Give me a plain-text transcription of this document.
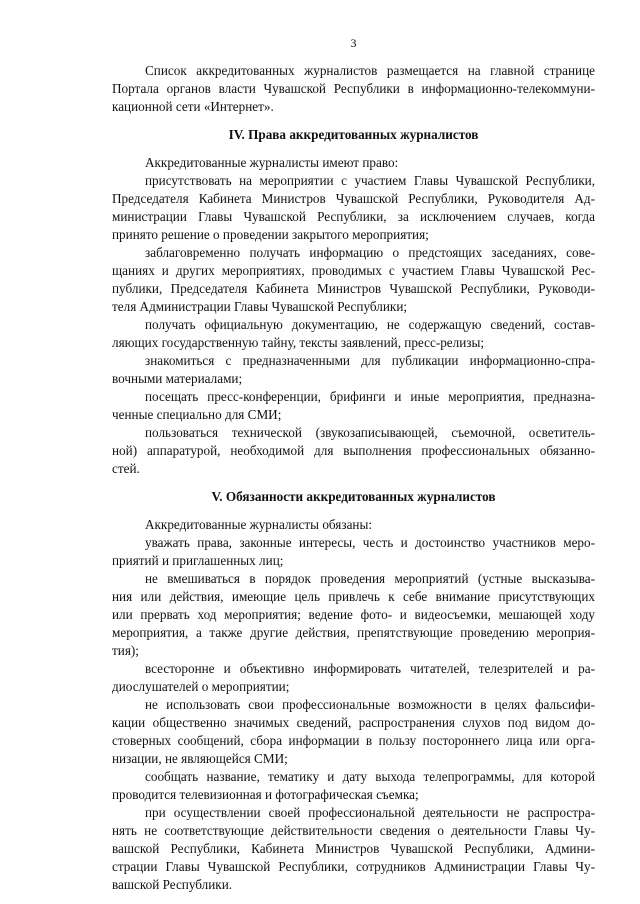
3
Список аккредитованных журналистов размещается на главной странице
Портала органов власти Чувашской Республики в информационно-телекоммуни-
кационной сети «Интернет».
IV. Права аккредитованных журналистов
Аккредитованные журналисты имеют право:
присутствовать на мероприятии с участием Главы Чувашской Республики,
Председателя Кабинета Министров Чувашской Республики, Руководителя Ад-
министрации Главы Чувашской Республики, за исключением случаев, когда
принято решение о проведении закрытого мероприятия;
заблаговременно получать информацию о предстоящих заседаниях, сове-
щаниях и других мероприятиях, проводимых с участием Главы Чувашской Рес-
публики, Председателя Кабинета Министров Чувашской Республики, Руководи-
теля Администрации Главы Чувашской Республики;
получать официальную документацию, не содержащую сведений, состав-
ляющих государственную тайну, тексты заявлений, пресс-релизы;
знакомиться с предназначенными для публикации информационно-спра-
вочными материалами;
посещать пресс-конференции, брифинги и иные мероприятия, предназна-
ченные специально для СМИ;
пользоваться технической (звукозаписывающей, съемочной, осветитель-
ной) аппаратурой, необходимой для выполнения профессиональных обязанно-
стей.
V. Обязанности аккредитованных журналистов
Аккредитованные журналисты обязаны:
уважать права, законные интересы, честь и достоинство участников меро-
приятий и приглашенных лиц;
не вмешиваться в порядок проведения мероприятий (устные высказыва-
ния или действия, имеющие цель привлечь к себе внимание присутствующих
или прервать ход мероприятия; ведение фото- и видеосъемки, мешающей ходу
мероприятия, а также другие действия, препятствующие проведению мероприя-
тия);
всесторонне и объективно информировать читателей, телезрителей и ра-
диослушателей о мероприятии;
не использовать свои профессиональные возможности в целях фальсифи-
кации общественно значимых сведений, распространения слухов под видом до-
стоверных сообщений, сбора информации в пользу постороннего лица или орга-
низации, не являющейся СМИ;
сообщать название, тематику и дату выхода телепрограммы, для которой
проводится телевизионная и фотографическая съемка;
при осуществлении своей профессиональной деятельности не распростра-
нять не соответствующие действительности сведения о деятельности Главы Чу-
вашской Республики, Кабинета Министров Чувашской Республики, Админи-
страции Главы Чувашской Республики, сотрудников Администрации Главы Чу-
вашской Республики.
